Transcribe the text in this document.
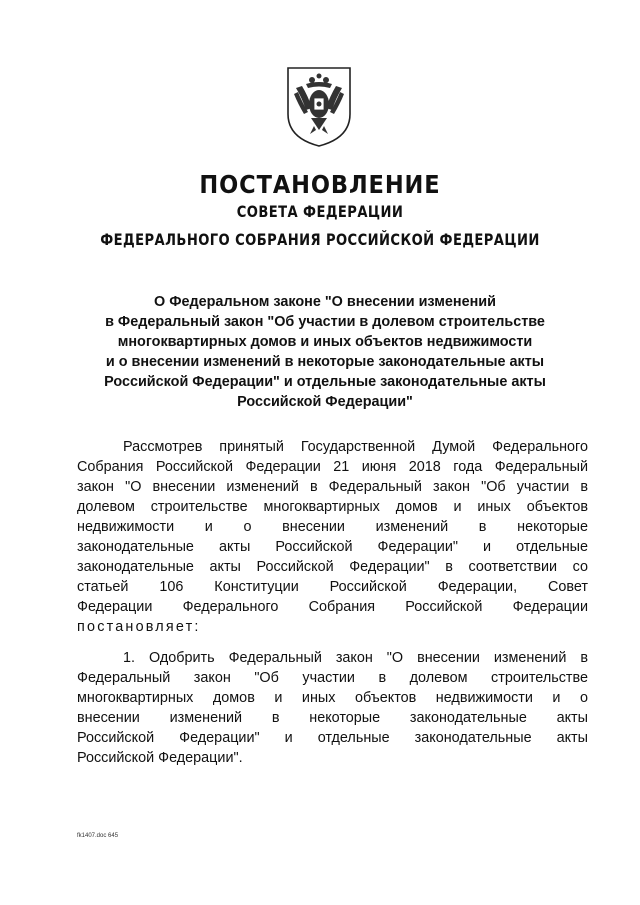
ПОСТАНОВЛЕНИЕ
СОВЕТА ФЕДЕРАЦИИ
ФЕДЕРАЛЬНОГО СОБРАНИЯ РОССИЙСКОЙ ФЕДЕРАЦИИ
О Федеральном законе "О внесении изменений
в Федеральный закон "Об участии в долевом строительстве
многоквартирных домов и иных объектов недвижимости
и о внесении изменений в некоторые законодательные акты
Российской Федерации" и отдельные законодательные акты
Российской Федерации"
Рассмотрев принятый Государственной Думой Федерального
Собрания Российской Федерации 21 июня 2018 года Федеральный
закон "О внесении изменений в Федеральный закон "Об участии в
долевом строительстве многоквартирных домов и иных объектов
недвижимости и о внесении изменений в некоторые
законодательные акты Российской Федерации" и отдельные
законодательные акты Российской Федерации" в соответствии со
статьей 106 Конституции Российской Федерации, Совет
Федерации Федерального Собрания Российской Федерации
постановляет:
1. Одобрить Федеральный закон "О внесении изменений в
Федеральный закон "Об участии в долевом строительстве
многоквартирных домов и иных объектов недвижимости и о
внесении изменений в некоторые законодательные акты
Российской Федерации" и отдельные законодательные акты
Российской Федерации".
fk1407.doc 645
